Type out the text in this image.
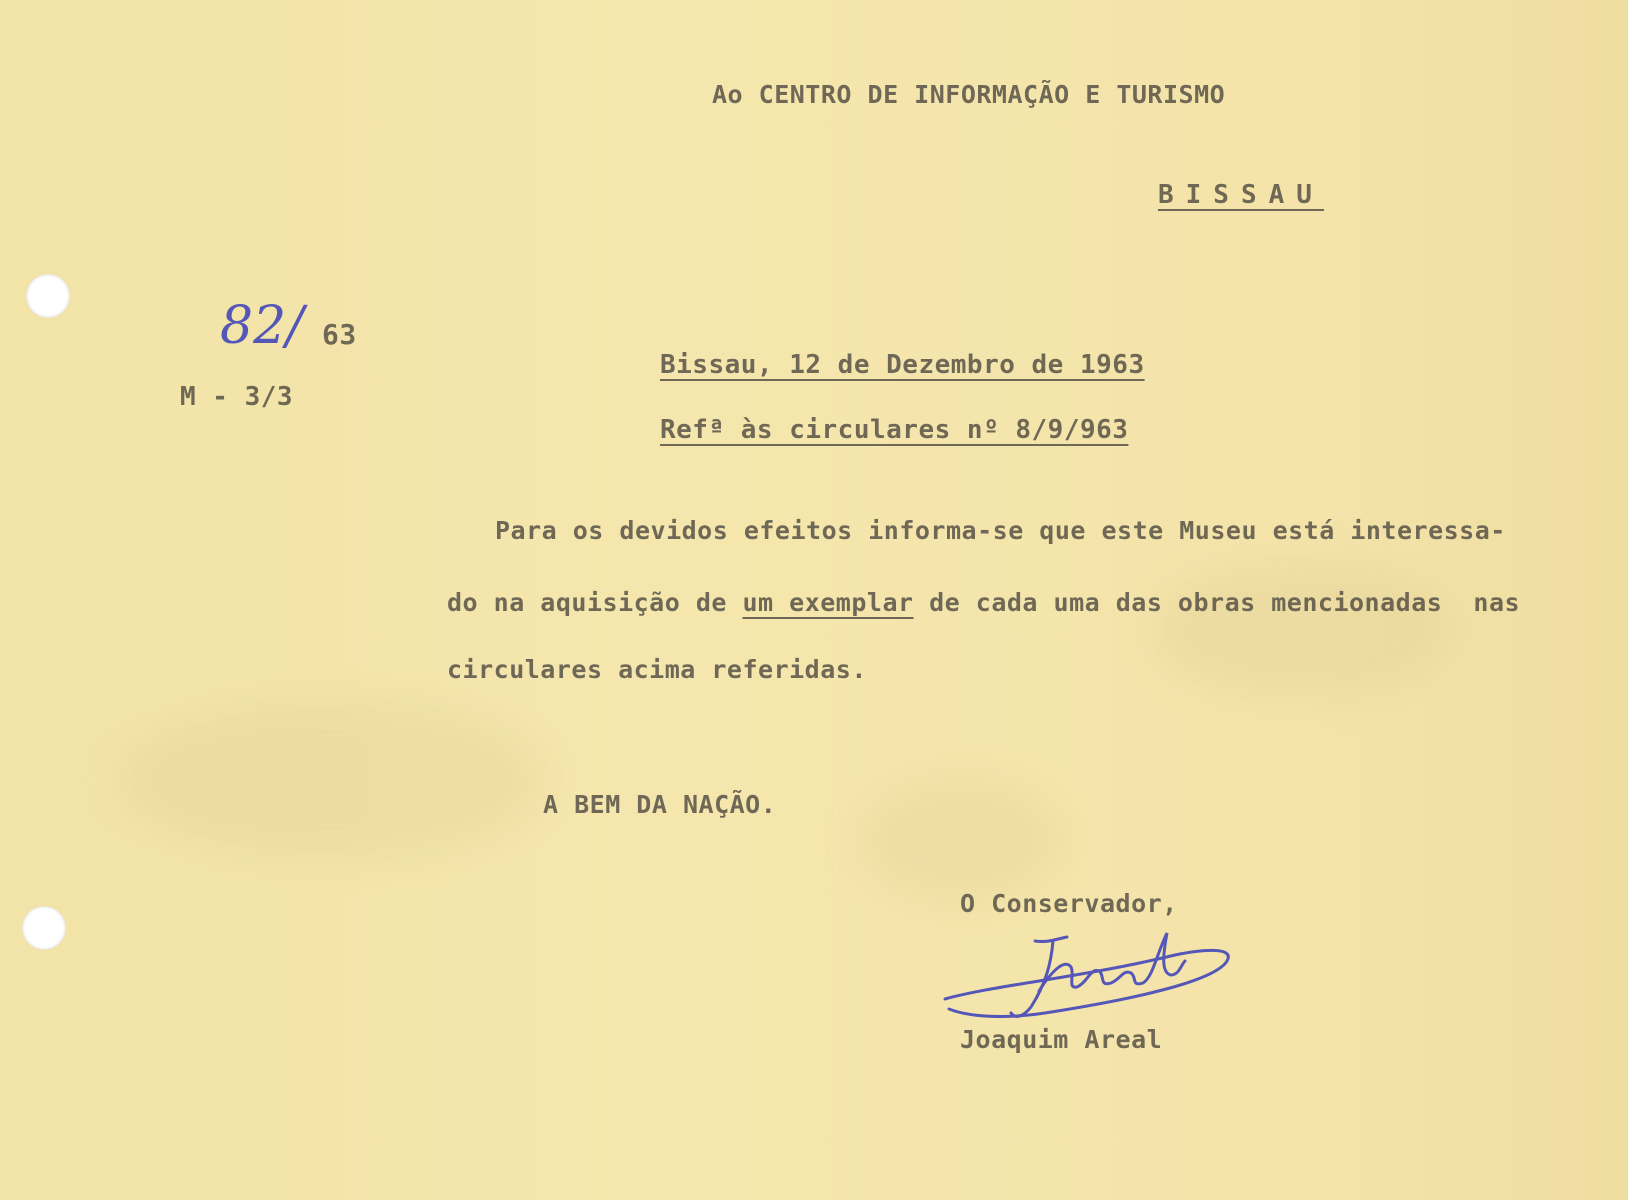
Ao CENTRO DE INFORMAÇÃO E TURISMO
BISSAU
82/ 63
M - 3/3
Bissau, 12 de Dezembro de 1963
Refª às circulares nº 8/9/963
Para os devidos efeitos informa-se que este Museu está interessa-
do na aquisição de um exemplar de cada uma das obras mencionadas  nas
circulares acima referidas.
A BEM DA NAÇÃO.
O Conservador,
Joaquim Areal
